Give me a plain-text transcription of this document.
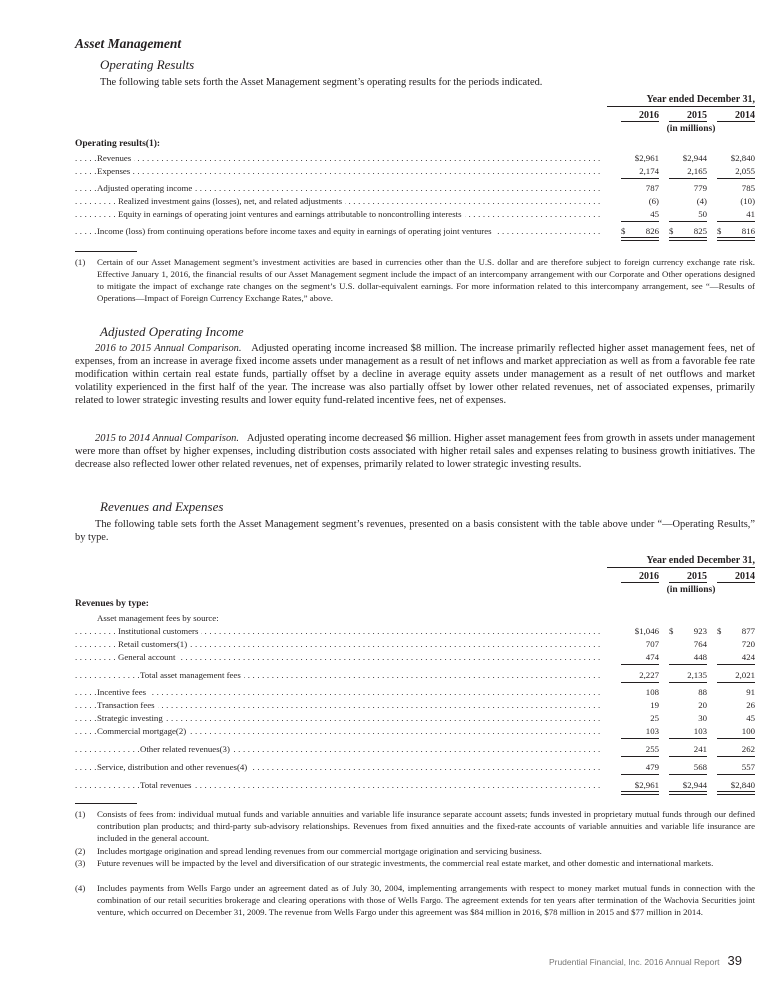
Asset Management
Operating Results
The following table sets forth the Asset Management segment’s operating results for the periods indicated.
Year ended December 31,
2016	2015	2014
(in millions)
Operating results(1):
Revenues . . .	$2,961	$2,944	$2,840
Expenses . . .	2,174	2,165	2,055
Adjusted operating income . . .	787	779	785
Realized investment gains (losses), net, and related adjustments . . .	(6)	(4)	(10)
Equity in earnings of operating joint ventures and earnings attributable to noncontrolling interests . . .	45	50	41
Income (loss) from continuing operations before income taxes and equity in earnings of operating joint ventures . . .	$ 826 $ 825 $ 816
(1)	Certain of our Asset Management segment’s investment activities are based in currencies other than the U.S. dollar and are therefore subject to foreign currency exchange rate risk. Effective January 1, 2016, the financial results of our Asset Management segment include the impact of an intercompany arrangement with our Corporate and Other operations designed to mitigate the impact of exchange rate changes on the segment’s U.S. dollar-equivalent earnings. For more information related to this intercompany arrangement, see “—Results of Operations—Impact of Foreign Currency Exchange Rates,” above.
Adjusted Operating Income
2016 to 2015 Annual Comparison. Adjusted operating income increased $8 million. The increase primarily reflected higher asset management fees, net of expenses, from an increase in average fixed income assets under management as a result of net inflows and market appreciation as well as from a favorable fee rate modification within certain real estate funds, partially offset by a decline in average equity assets under management as a result of net outflows and market volatility experienced in the first half of the year. The increase was also partially offset by lower other related revenues, net of associated expenses, primarily related to lower strategic investing results and lower equity fund-related incentive fees, net of expenses.
2015 to 2014 Annual Comparison. Adjusted operating income decreased $6 million. Higher asset management fees from growth in assets under management were more than offset by higher expenses, including distribution costs associated with higher retail sales and expenses relating to business growth initiatives. The decrease also reflected lower other related revenues, net of expenses, primarily related to lower strategic investing results.
Revenues and Expenses
The following table sets forth the Asset Management segment’s revenues, presented on a basis consistent with the table above under “—Operating Results,” by type.
Year ended December 31,
2016	2015	2014
(in millions)
Revenues by type:
Asset management fees by source:
Institutional customers . . .	$1,046 $ 923 $ 877
Retail customers(1) . . .	707	764	720
General account . . .	474	448	424
Total asset management fees . . .	2,227	2,135	2,021
Incentive fees . . .	108	88	91
Transaction fees . . .	19	20	26
Strategic investing . . .	25	30	45
Commercial mortgage(2) . . .	103	103	100
Other related revenues(3) . . .	255	241	262
Service, distribution and other revenues(4) . . .	479	568	557
Total revenues . . .	$2,961	$2,944	$2,840
(1)	Consists of fees from: individual mutual funds and variable annuities and variable life insurance separate account assets; funds invested in proprietary mutual funds through our defined contribution plan products; and third-party sub-advisory relationships. Revenues from fixed annuities and the fixed-rate accounts of variable annuities and variable life insurance are included in the general account.
(2)	Includes mortgage origination and spread lending revenues from our commercial mortgage origination and servicing business.
(3)	Future revenues will be impacted by the level and diversification of our strategic investments, the commercial real estate market, and other domestic and international markets.
(4)	Includes payments from Wells Fargo under an agreement dated as of July 30, 2004, implementing arrangements with respect to money market mutual funds in connection with the combination of our retail securities brokerage and clearing operations with those of Wells Fargo. The agreement extends for ten years after termination of the Wachovia Securities joint venture, which occurred on December 31, 2009. The revenue from Wells Fargo under this agreement was $84 million in 2016, $78 million in 2015 and $77 million in 2014.
Prudential Financial, Inc. 2016 Annual Report 39
